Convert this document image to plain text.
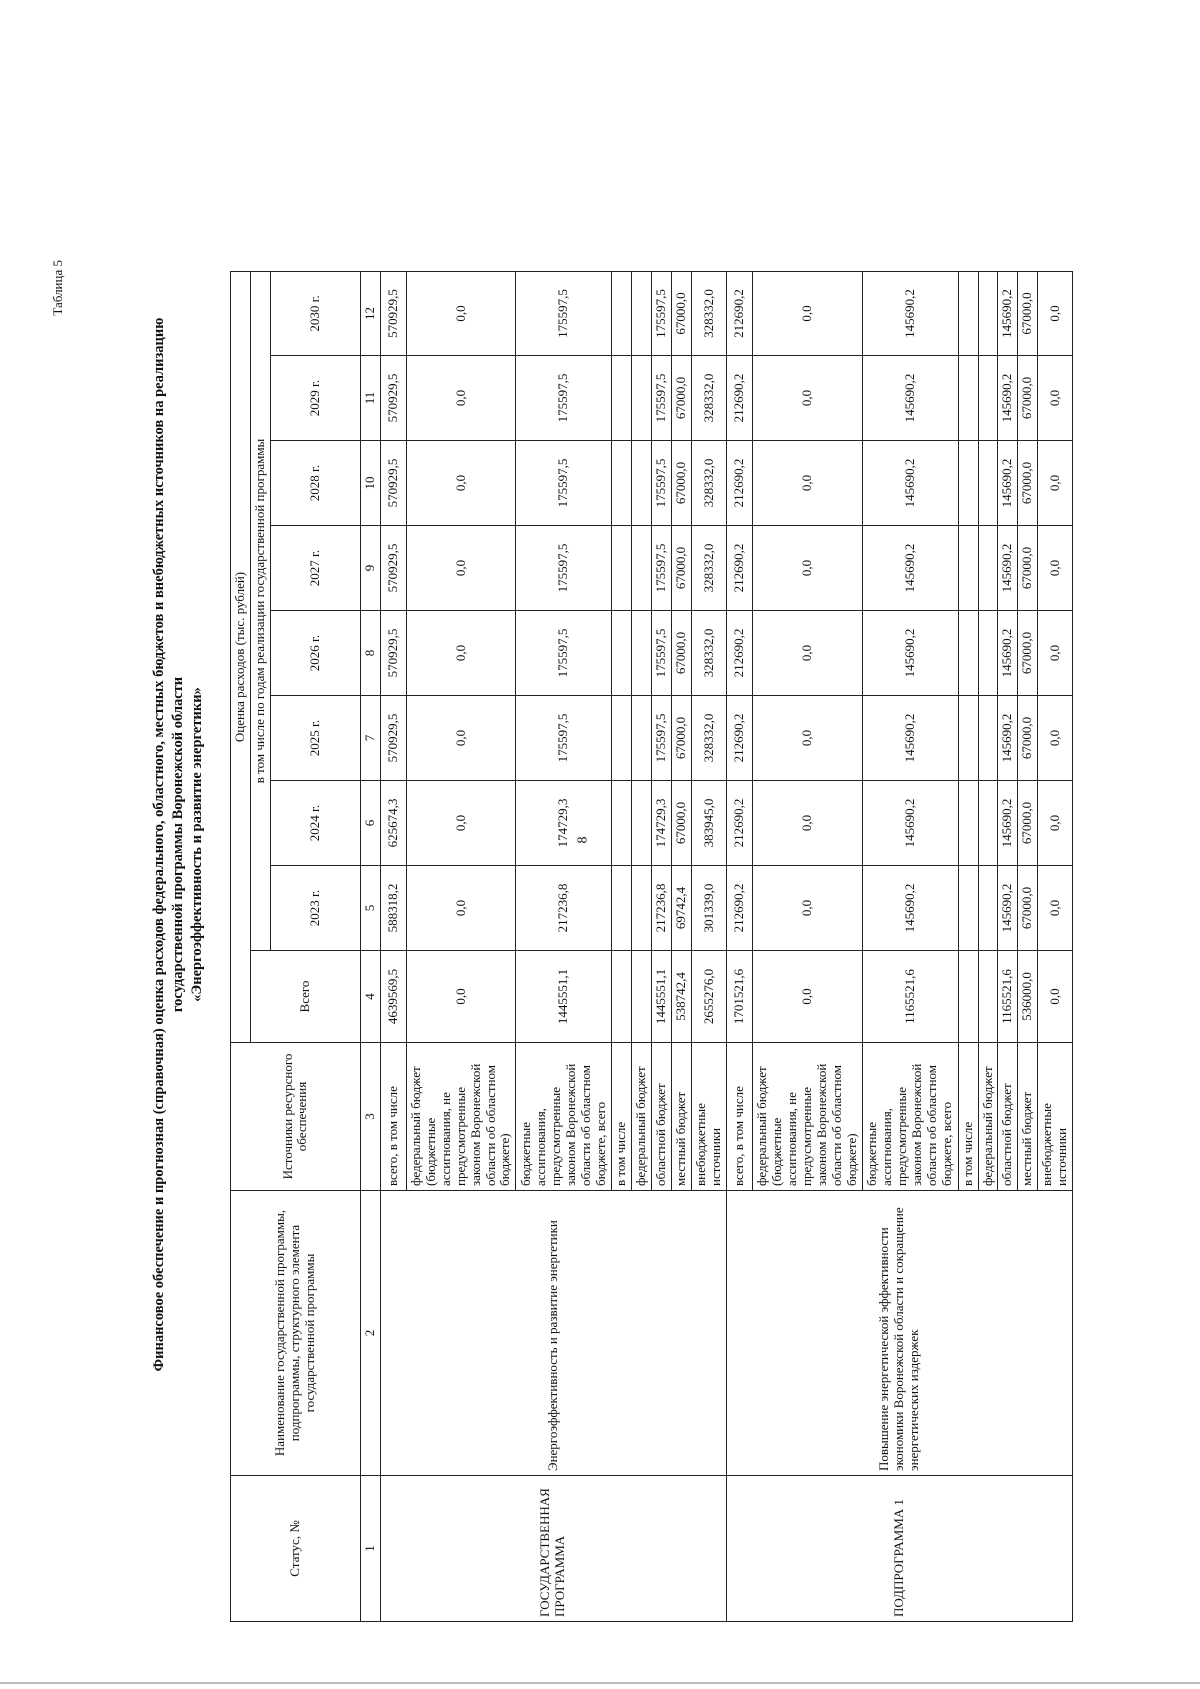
8
Таблица 5
Финансовое обеспечение и прогнозная (справочная) оценка расходов федерального, областного, местных бюджетов и внебюджетных источников на реализацию государственной программы Воронежской области «Энергоэффективность и развитие энергетики»
Статус, №	Наименование государственной программы, подпрограммы, структурного элемента государственной программы	Источники ресурсного обеспечения	Оценка расходов (тыс. рублей)								
			Всего	в том числе по годам реализации государственной программы							
				2023 г.	2024 г.	2025 г.	2026 г.	2027 г.	2028 г.	2029 г.	2030 г.
1	2	3	4	5	6	7	8	9	10	11	12
ГОСУДАРСТВЕННАЯ ПРОГРАММА	Энергоэффективность и развитие энергетики	всего, в том числе	4639569,5	588318,2	625674,3	570929,5	570929,5	570929,5	570929,5	570929,5	570929,5
		федеральный бюджет (бюджетные ассигнования, не предусмотренные законом Воронежской области об областном бюджете)	0,0	0,0	0,0	0,0	0,0	0,0	0,0	0,0	0,0
		бюджетные ассигнования, предусмотренные законом Воронежской области об областном бюджете, всего	1445551,1	217236,8	174729,3	175597,5	175597,5	175597,5	175597,5	175597,5	175597,5
		в том числе									
		федеральный бюджет									
		областной бюджет	1445551,1	217236,8	174729,3	175597,5	175597,5	175597,5	175597,5	175597,5	175597,5
		местный бюджет	538742,4	69742,4	67000,0	67000,0	67000,0	67000,0	67000,0	67000,0	67000,0
		внебюджетные источники	2655276,0	301339,0	383945,0	328332,0	328332,0	328332,0	328332,0	328332,0	328332,0
ПОДПРОГРАММА 1	Повышение энергетической эффективности экономики Воронежской области и сокращение энергетических издержек	всего, в том числе	1701521,6	212690,2	212690,2	212690,2	212690,2	212690,2	212690,2	212690,2	212690,2
		федеральный бюджет (бюджетные ассигнования, не предусмотренные законом Воронежской области об областном бюджете)	0,0	0,0	0,0	0,0	0,0	0,0	0,0	0,0	0,0
		бюджетные ассигнования, предусмотренные законом Воронежской области об областном бюджете, всего	1165521,6	145690,2	145690,2	145690,2	145690,2	145690,2	145690,2	145690,2	145690,2
		в том числе									
		федеральный бюджет									
		областной бюджет	1165521,6	145690,2	145690,2	145690,2	145690,2	145690,2	145690,2	145690,2	145690,2
		местный бюджет	536000,0	67000,0	67000,0	67000,0	67000,0	67000,0	67000,0	67000,0	67000,0
		внебюджетные источники	0,0	0,0	0,0	0,0	0,0	0,0	0,0	0,0	0,0
